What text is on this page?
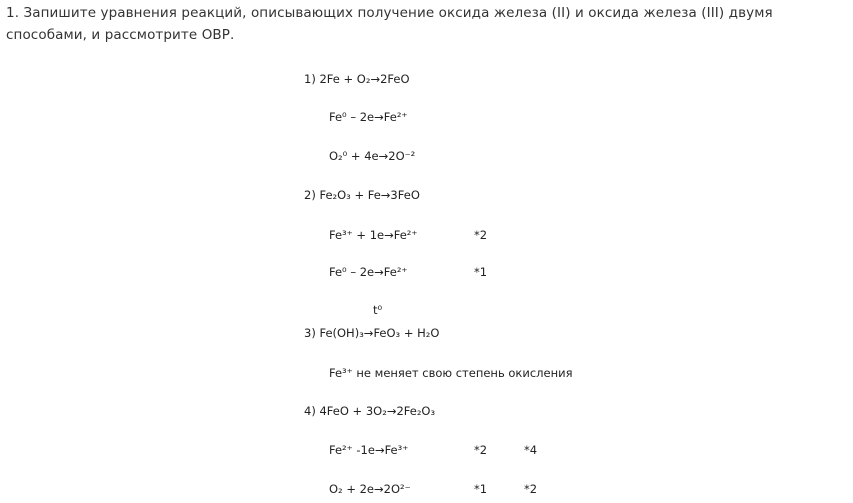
1. Запишите уравнения реакций, описывающих получение оксида железа (II) и оксида железа (III) двумя способами, и рассмотрите ОВР.
1) 2Fe + O₂→2FeO
Fe⁰ – 2e→Fe²⁺
O₂⁰ + 4e→2O⁻²
2) Fe₂O₃ + Fe→3FeO
Fe³⁺ + 1e→Fe²⁺	*2
Fe⁰ – 2e→Fe²⁺	*1
t⁰
3) Fe(OH)₃→FeO₃ + H₂O
Fe³⁺ не меняет свою степень окисления
4) 4FeO + 3O₂→2Fe₂O₃
Fe²⁺ -1e→Fe³⁺	*2	*4
O₂ + 2e→2O²⁻	*1	*2
